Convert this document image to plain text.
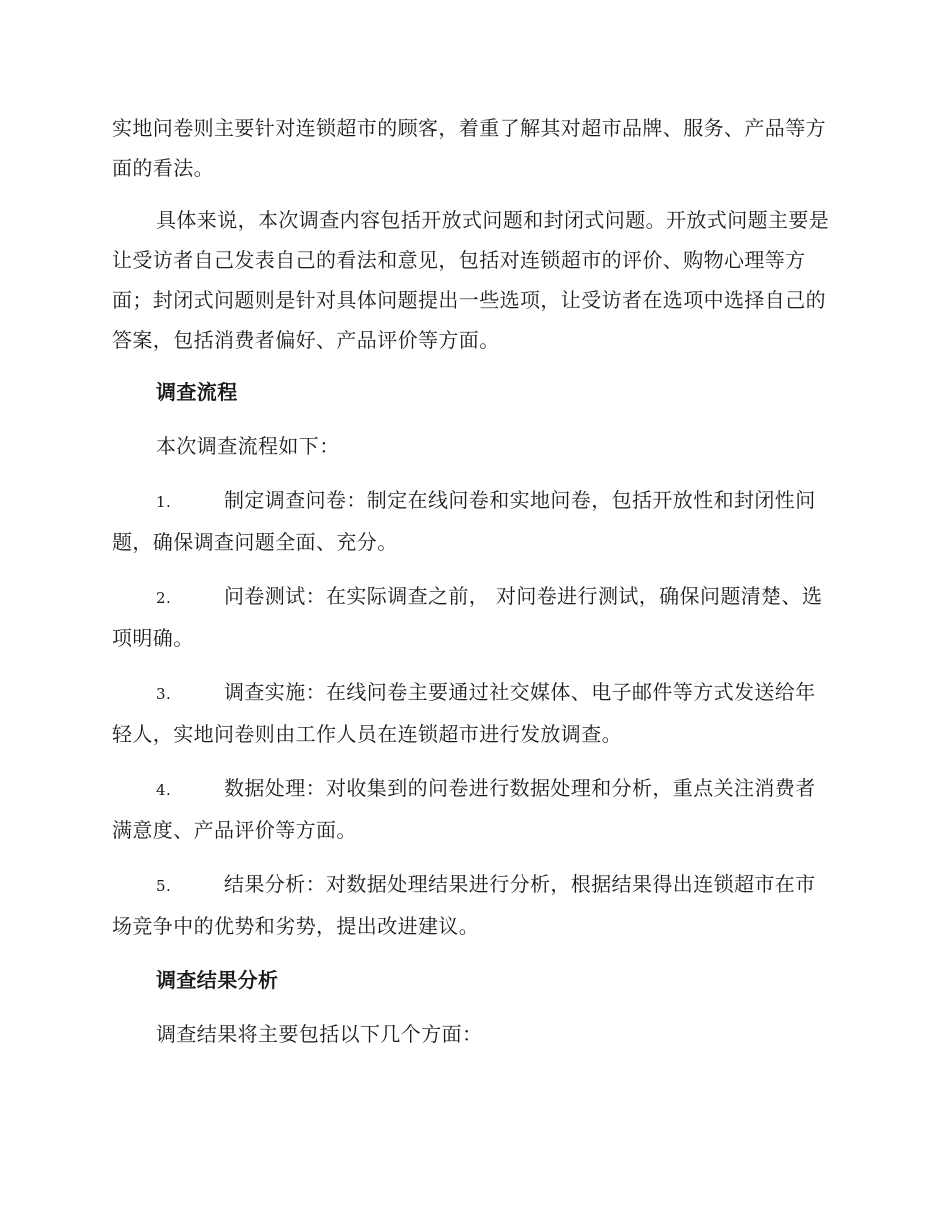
实地问卷则主要针对连锁超市的顾客，着重了解其对超市品牌、服务、产品等方面的看法。

具体来说，本次调查内容包括开放式问题和封闭式问题。开放式问题主要是让受访者自己发表自己的看法和意见，包括对连锁超市的评价、购物心理等方面；封闭式问题则是针对具体问题提出一些选项，让受访者在选项中选择自己的答案，包括消费者偏好、产品评价等方面。

调查流程

本次调查流程如下：

1.	制定调查问卷：制定在线问卷和实地问卷，包括开放性和封闭性问题，确保调查问题全面、充分。

2.	问卷测试：在实际调查之前， 对问卷进行测试，确保问题清楚、选项明确。

3.	调查实施：在线问卷主要通过社交媒体、电子邮件等方式发送给年轻人，实地问卷则由工作人员在连锁超市进行发放调查。

4.	数据处理：对收集到的问卷进行数据处理和分析，重点关注消费者满意度、产品评价等方面。

5.	结果分析：对数据处理结果进行分析，根据结果得出连锁超市在市场竞争中的优势和劣势，提出改进建议。

调查结果分析

调查结果将主要包括以下几个方面：
